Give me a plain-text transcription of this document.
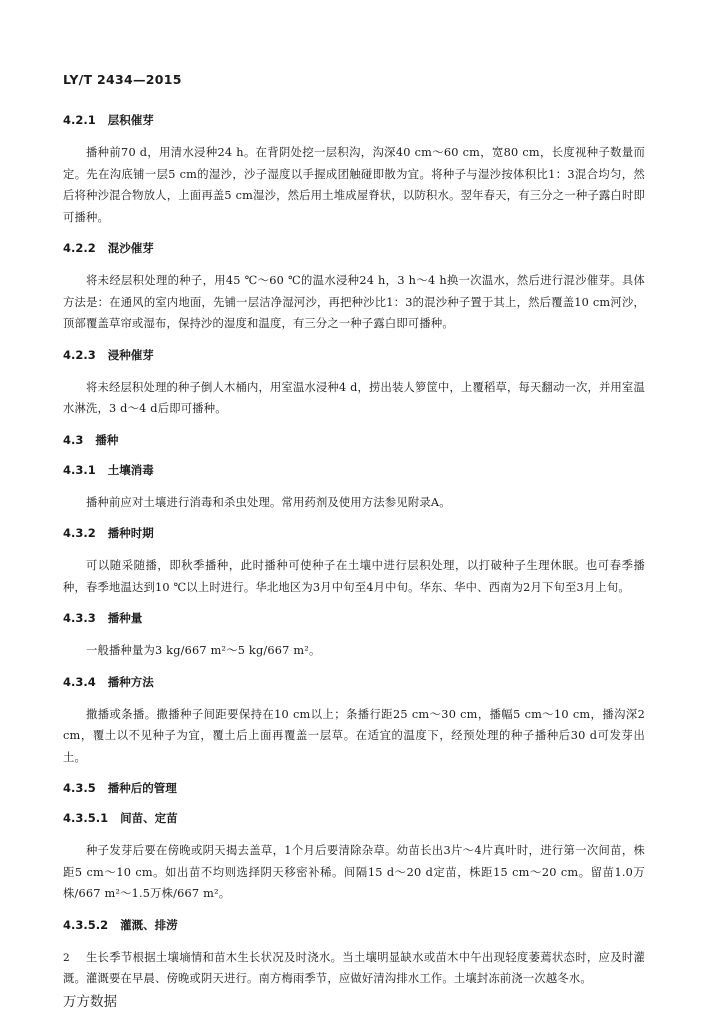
LY/T 2434—2015
4.2.1 层积催芽

播种前70 d，用清水浸种24 h。在背阴处挖一层积沟，沟深40 cm～60 cm，宽80 cm，长度视种子数量而定。先在沟底铺一层5 cm的湿沙，沙子湿度以手握成团触碰即散为宜。将种子与湿沙按体积比1：3混合均匀，然后将种沙混合物放人，上面再盖5 cm湿沙，然后用土堆成屋脊状，以防积水。翌年春天，有三分之一种子露白时即可播种。

4.2.2 混沙催芽

将未经层积处理的种子，用45 ℃～60 ℃的温水浸种24 h，3 h～4 h换一次温水，然后进行混沙催芽。具体方法是：在通风的室内地面，先铺一层洁净湿河沙，再把种沙比1：3的混沙种子置于其上，然后覆盖10 cm河沙，顶部覆盖草帘或湿布，保持沙的湿度和温度，有三分之一种子露白即可播种。

4.2.3 浸种催芽

将未经层积处理的种子倒人木桶内，用室温水浸种4 d，捞出装人箩筐中，上覆稻草，每天翻动一次，并用室温水淋洗，3 d～4 d后即可播种。

4.3 播种
4.3.1 土壤消毒

播种前应对土壤进行消毒和杀虫处理。常用药剂及使用方法参见附录A。

4.3.2 播种时期

可以随采随播，即秋季播种，此时播种可使种子在土壤中进行层积处理，以打破种子生理休眠。也可春季播种，春季地温达到10 ℃以上时进行。华北地区为3月中旬至4月中旬。华东、华中、西南为2月下旬至3月上旬。

4.3.3 播种量

一般播种量为3 kg/667 m²～5 kg/667 m²。

4.3.4 播种方法

撒播或条播。撒播种子间距要保持在10 cm以上；条播行距25 cm～30 cm，播幅5 cm～10 cm，播沟深2 cm，覆土以不见种子为宜，覆土后上面再覆盖一层草。在适宜的温度下，经预处理的种子播种后30 d可发芽出土。

4.3.5 播种后的管理
4.3.5.1 间苗、定苗

种子发芽后要在傍晚或阴天揭去盖草，1个月后要清除杂草。幼苗长出3片～4片真叶时，进行第一次间苗，株距5 cm～10 cm。如出苗不均则选择阴天移密补稀。间隔15 d～20 d定苗，株距15 cm～20 cm。留苗1.0万株/667 m²～1.5万株/667 m²。

4.3.5.2 灌溉、排涝

生长季节根据土壤墒情和苗木生长状况及时浇水。当土壤明显缺水或苗木中午出现轻度萎蔫状态时，应及时灌溉。灌溉要在早晨、傍晚或阴天进行。南方梅雨季节，应做好清沟排水工作。土壤封冻前浇一次越冬水。

2
万方数据
